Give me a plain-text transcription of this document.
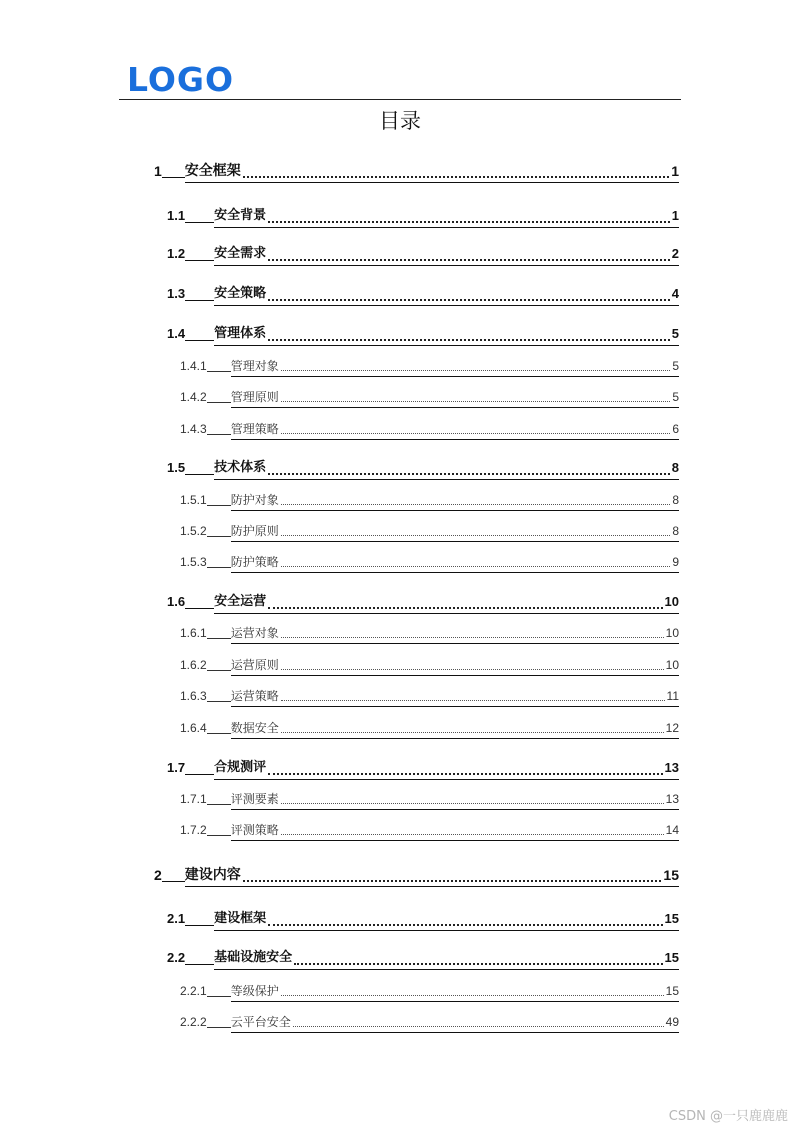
LOGO
目录
1 安全框架	1
1.1 安全背景	1
1.2 安全需求	2
1.3 安全策略	4
1.4 管理体系	5
1.4.1 管理对象	5
1.4.2 管理原则	5
1.4.3 管理策略	6
1.5 技术体系	8
1.5.1 防护对象	8
1.5.2 防护原则	8
1.5.3 防护策略	9
1.6 安全运营	10
1.6.1 运营对象	10
1.6.2 运营原则	10
1.6.3 运营策略	11
1.6.4 数据安全	12
1.7 合规测评	13
1.7.1 评测要素	13
1.7.2 评测策略	14
2 建设内容	15
2.1 建设框架	15
2.2 基础设施安全	15
2.2.1 等级保护	15
2.2.2 云平台安全	49
CSDN @一只鹿鹿鹿
